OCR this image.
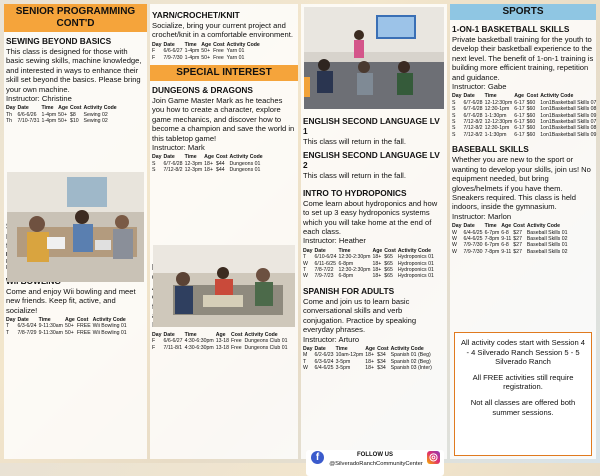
SENIOR PROGRAMMING CONT'D
SEWING BEYOND BASICS

This class is designed for those with basic sewing skills, machine knowledge, and interested in ways to enhance their skill set beyond the basics. Please bring your own machine.

Instructor: Christine

Day	Date	Time	Age	Cost	Activity Code
Th	6/6-6/26	1-4pm	50+	$8	Sewing 02
Th	7/10-7/31	1-4pm	50+	$10	Sewing 02

Come and enjoy Wii bowling and meet new friends. Keep fit, active, and socialize!

Day	Date	Time	Age	Cost	Activity Code
T	6/3-6/24	9-11:30am	50+	FREE	Wii Bowling 01
T	7/8-7/29	9-11:30am	50+	FREE	Wii Bowling 01
YARN/CROCHET/KNIT

Socialize, bring your current project and crochet/knit in a comfortable environment.

Day	Date	Time	Age	Cost	Activity Code
F	6/6-6/27	1-4pm	50+	Free	Yarn 01
F	7/9-7/30	1-4pm	50+	Free	Yarn 01
SPECIAL INTEREST
DUNGEONS & DRAGONS

Join Game Master Mark as he teaches you how to create a character, explore game mechanics, and discover how to become a champion and save the world in this tabletop game!

Instructor: Mark

Day	Date	Time	Age	Cost	Activity Code
S	6/7-6/28	12-3pm	18+	$44	Dungeons 01
S	7/12-8/2	12-3pm	18+	$44	Dungeons 01

Day	Date	Time	Age	Cost	Activity Code
F	6/6-6/27	4:30-6:30pm	13-18	Free	Dungeons Club 01
F	7/11-8/1	4:30-6:30pm	13-18	Free	Dungeons Club 01
ENGLISH SECOND LANGUAGE LV 1

This class will return in the fall.

ENGLISH SECOND LANGUAGE LV 2

This class will return in the fall.

INTRO TO HYDROPONICS

Come learn about hydroponics and how to set up 3 easy hydroponics systems which you will take home at the end of each class.

Instructor: Heather

Day	Date	Time	Age	Cost	Activity Code
T	6/10-6/24	12:30-2:30pm	18+	$65	Hydroponics 01
W	6/11-6/25	6-8pm	18+	$65	Hydroponics 01
T	7/8-7/22	12:30-2:30pm	18+	$65	Hydroponics 01
W	7/9-7/23	6-8pm	18+	$65	Hydroponics 01
SPANISH FOR ADULTS

Come and join us to learn basic conversational skills and verb conjugation. Practice by speaking everyday phrases.

Instructor: Arturo

Day	Date	Time	Age	Cost	Activity Code
M	6/2-6/23	10am-12pm	18+	$34	Spanish 01 (Beg)
T	6/3-6/24	3-5pm	18+	$34	Spanish 02 (Beg)
W	6/4-6/25	3-5pm	18+	$34	Spanish 03 (Inter)
f	◎
FOLLOW US
@SilveradoRanchCommunityCenter
SPORTS
1-ON-1 BASKETBALL SKILLS

Private basketball training for the youth to develop their basketball experience to the next level. The benefit of 1-on-1 training is building more efficient training, repetition and guidance.

Instructor: Gabe

Day	Date	Time	Age	Cost	Activity Code
S	6/7-6/28	12-12:30pm	6-17	$60	1on1Basketball Skills 07
S	6/7-6/28	12:30-1pm	6-17	$60	1on1Basketball Skills 08
S	6/7-6/28	1-1:30pm	6-17	$60	1on1Basketball Skills 09
S	7/12-8/2	12-12:30pm	6-17	$60	1on1Basketball Skills 07
S	7/12-8/2	12:30-1pm	6-17	$60	1on1Basketball Skills 08
S	7/12-8/2	1-1:30pm	6-17	$60	1on1Basketball Skills 09
BASEBALL SKILLS

Whether you are new to the sport or wanting to develop your skills, join us! No equipment needed, but bring gloves/helmets if you have them. Sneakers required. This class is held indoors, inside the gymnasium.

Instructor: Marlon

Day	Date	Time	Age	Cost	Activity Code
W	6/4-6/25	6-7pm	6-8	$27	Baseball Skills 01
W	6/4-6/25	7-8pm	9-11	$27	Baseball Skills 02
W	7/9-7/30	6-7pm	6-8	$27	Baseball Skills 01
W	7/9-7/30	7-8pm	9-11	$27	Baseball Skills 02

All activity codes start with Session 4 - 4 Silverado Ranch Session 5 - 5 Silverado Ranch

All FREE activities still require registration.

Not all classes are offered both summer sessions.
